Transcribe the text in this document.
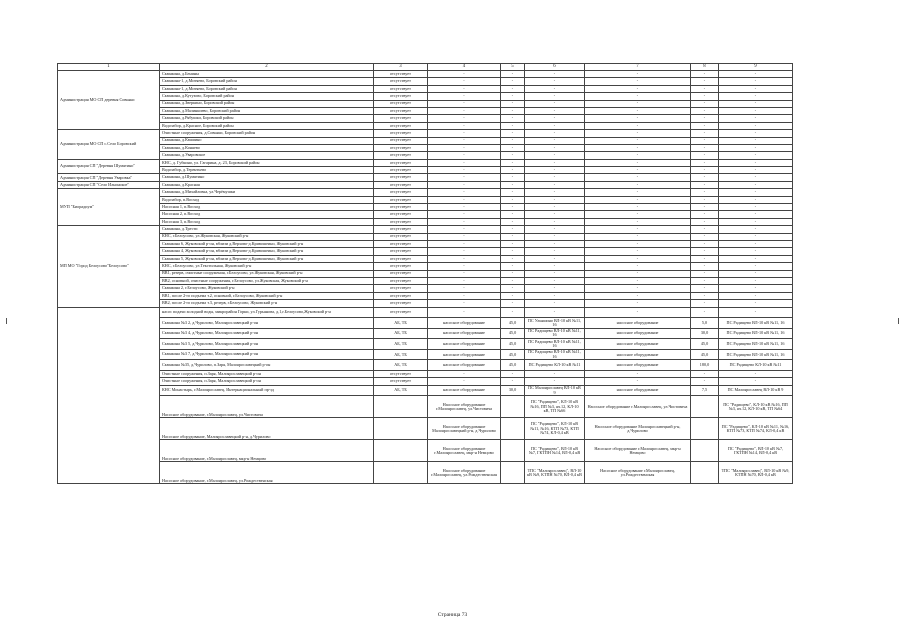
1	2	3	4	5	6	7	8	9
Администрация МО СП деревня Совьяки	Скважина, д.Бенины	отсутствует	-	-	-	-	-	-
	Скважина-1, д.Митяево, Боровский район	отсутствует	-	-	-	-	-	-
	Скважина-1, д.Митяево, Боровский район	отсутствует	-	-	-	-	-	-
	Скважина, д.Кутузово, Боровский район	отсутствует	-	-	-	-	-	-
	Скважина, д.Зверкино, Боровский район	отсутствует	-	-	-	-	-	-
	Скважина, д.Малинкиево, Боровский район	отсутствует	-	-	-	-	-	-
	Скважина, д.Рябушки, Боровский район	отсутствует	-	-	-	-	-	-
	Водозабор, д.Красное, Боровский район	отсутствует	-	-	-	-	-	-
Администрация МО СП с.Село Боровский	Очистные сооружения, д.Совьяки, Боровский район	отсутствует	-	-	-	-	-	-
	Скважина, д.Квашино	отсутствует	-	-	-	-	-	-
	Скважина, д.Коняево	отсутствует	-	-	-	-	-	-
	Скважина, д.Уваровское	отсутствует	-	-	-	-	-	-
Администрация СП "Деревня Шумятино"	КНС, д. Губкино, ул. Гагарина, д. 23, Боровский район	отсутствует	-	-	-	-	-	-
	Водозабор, д.Терентьево	отсутствует	-	-	-	-	-	-
Администрация СП "Деревня Уваровка"	Скважина, д.Шумятино	отсутствует	-	-	-	-	-	-
Администрация СП "Село Ильинское"	Скважина, д.Красная	отсутствует	-	-	-	-	-	-
МУП "Биорадиум"	Скважина, д.Михайловка, ул.Черёмушки	отсутствует	-	-	-	-	-	-
	Водозабор, п.Восход	отсутствует	-	-	-	-	-	-
	Насосная 1, п.Восход	отсутствует	-	-	-	-	-	-
	Насосная 2, п.Восход	отсутствует	-	-	-	-	-	-
	Насосная 3, п.Восход	отсутствует	-	-	-	-	-	-
МП МО "Город Белоусово"Белоусово"	Скважина, д.Трести	отсутствует	-	-	-	-	-	-
	КНС, г.Белоусово, ул.Жуковская, Жуковский р-н	отсутствует	-	-	-	-	-	-
	Скважина 6, Жуковский р-он, вблизи д.Верхово-д.Кривошеино, Жуковский р-н	отсутствует	-	-	-	-	-	-
	Скважина 4, Жуковский р-он, вблизи д.Верхово-д.Кривошеино, Жуковский р-н	отсутствует	-	-	-	-	-	-
	Скважина 5, Жуковский р-он, вблизи д.Верхово-д.Кривошеино, Жуковский р-н	отсутствует	-	-	-	-	-	-
	КНС, г.Белоусово, ул.Текстильная, Жуковский р-н	отсутствует	-	-	-	-	-	-
	ВВ1, резерв, очистные сооружения, г.Белоусово, ул.Жуковская, Жуковский р-н	отсутствует	-	-	-	-	-	-
	ВВ2, основной, очистные сооружения, г.Белоусово, ул.Жуковская, Жуковский р-н	отсутствует	-	-	-	-	-	-
	Скважина 2, г.Белоусово, Жуковский р-н	отсутствует	-	-	-	-	-	-
	ВВ1, после 2-го подъема т.2, основной, г.Белоусово, Жуковский р-н	отсутствует	-	-	-	-	-	-
	ВВ2, после 2-го подъема т.3, резерв, г.Белоусово, Жуковский р-н	отсутствует	-	-	-	-	-	-
	насос подачи холодной воды, микрорайон Горки, ул.Гурьянова, д.1,г.Белоусово,Жуковский р-н	отсутствует	-	-	-	-	-	-
	Скважина №3 2, д.Чурилово, Малоярославецкий р-он	АБ, ТБ	насосное оборудование	45,0	ПС Ульяшино ВЛ-10 кВ №11, 16	насосное оборудование	5,0	ПС Радищево ВЛ-10 кВ №11, 16
	Скважина №3 4, д.Чурилово, Малоярославецкий р-он	АБ, ТБ	насосное оборудование	45,0	ПС Радищево ВЛ-10 кВ №11, 16	насосное оборудование	30,0	ПС Радищево ВЛ-10 кВ №11, 16
	Скважина №3 5, д.Чурилово, Малоярославецкий р-он	АБ, ТБ	насосное оборудование	45,0	ПС Радищево ВЛ-10 кВ №11, 16	насосное оборудование	45,0	ПС Радищево ВЛ-10 кВ №11, 16
	Скважина №3 7, д.Чурилово, Малоярославецкий р-он	АБ, ТБ	насосное оборудование	45,0	ПС Радищево ВЛ-10 кВ №11, 16	насосное оборудование	45,0	ПС Радищево ВЛ-10 кВ №11, 16
	Скважина №35, д.Чурилово, п.Заря, Малоярославецкий р-он	АБ, ТБ	насосное оборудование	45,0	ПС Радищево КЛ-10 кВ №11	насосное оборудование	180,0	ПС Радищево КЛ-10 кВ №11
	Очистные сооружения, п.Заря, Малоярославецкий р-он	отсутствует	-	-	-	-	-	-
	Очистные сооружения, п.Заря, Малоярославецкий р-он	отсутствует	-	-	-	-	-	-
	КНС Монастырь, г.Малоярославец, Интернациональный пр-зд	АБ, ТБ	насосное оборудование	30,0	ПС Малоярославец ВЛ-10 кВ 9	насосное оборудование	7,5	ПС Малоярославец ВЛ-10 кВ 9
	Насосное оборудование, г.Малоярославец, ул.Чистовича		Насосное оборудование г.Малоярославец, ул.Чистовича		ПС "Радищево", КЛ-10 кВ №16, ПП №3, яч.12, КЛ-10 кВ, ТП №66	Насосное оборудование г.Малоярославец, ул.Чистовича		ПС "Радищево", КЛ-10 кВ №16, ПП №3, яч.12, КЛ-10 кВ, ТП №64
	Насосное оборудование, Малоярославецкий р-н, д.Чурилово		Насосное оборудование Малоярославецкий р-н, д.Чурилово		ПС "Радищево", КЛ-10 кВ №11, №16, КТП №73, КТП №74, КЛ-0,4 кВ	Насосное оборудование Малоярославецкий р-н, д.Чурилово		ПС "Радищево", КЛ-10 кВ №11, №16, КТП №73, КТП №74, КЛ-0,4 кВ
	Насосное оборудование, г.Малоярославец, мкр-н Немцово		Насосное оборудование г.Малоярославец, мкр-н Немцово		ПС "Радищево", ВЛ-10 кВ №7, ГКТПН №14, ВЛ-0,4 кВ	Насосное оборудование г.Малоярославец, мкр-н Немцово		ПС "Радищево", ВЛ-10 кВ №7, ГКТПН №14, ВЛ-0,4 кВ
	Насосное оборудование, г.Малоярославец, ул.Рождественская		Насосное оборудование г.Малоярославец, ул.Рождественская		ТПС "Малоярославец", ВЛ-10 кВ №9, КТПН №70, ВЛ-0,4 кВ	Насосное оборудование г.Малоярославец, ул.Рождественская		ТПС "Малоярославец", ВЛ-10 кВ №9, КТПН №70, ВЛ-0,4 кВ
Страница 73
